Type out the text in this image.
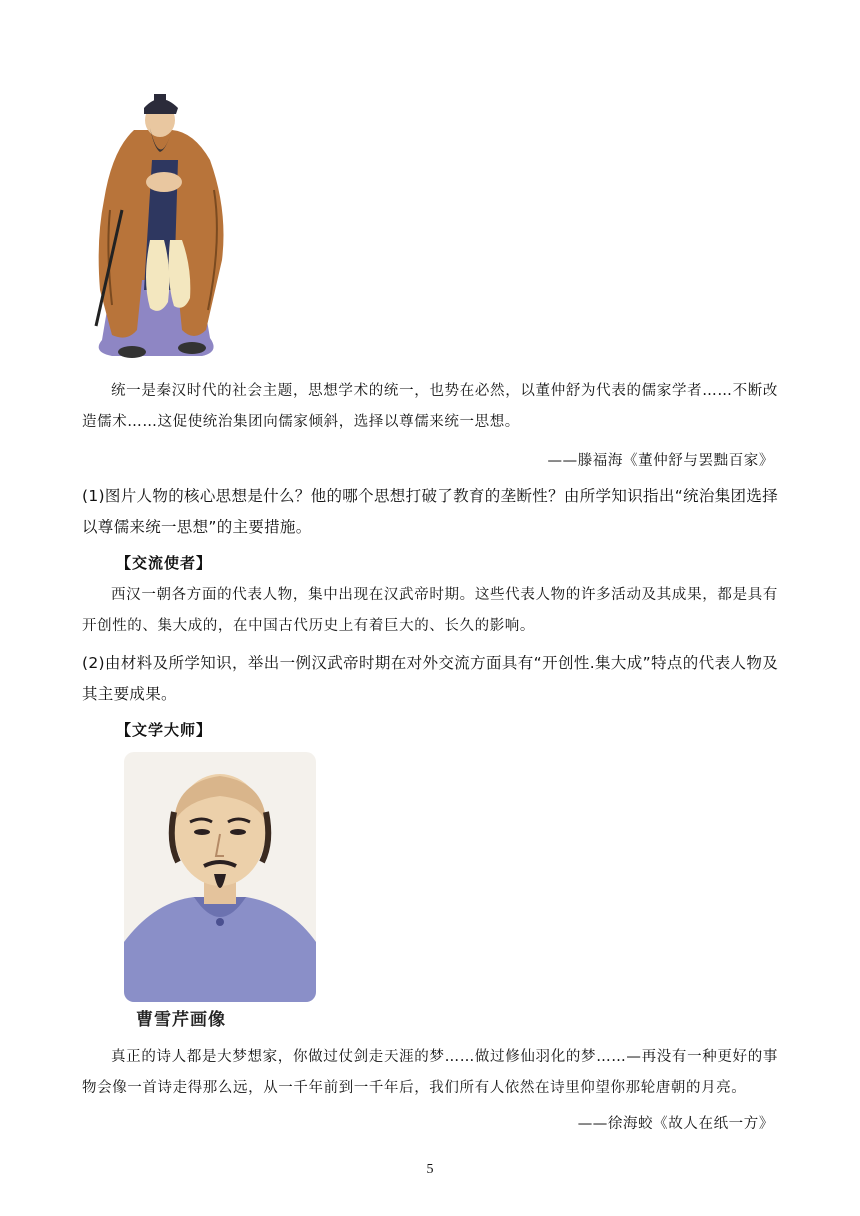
统一是秦汉时代的社会主题，思想学术的统一，也势在必然，以董仲舒为代表的儒家学者……不断改造儒术……这促使统治集团向儒家倾斜，选择以尊儒来统一思想。
——滕福海《董仲舒与罢黜百家》
(1)图片人物的核心思想是什么？他的哪个思想打破了教育的垄断性？由所学知识指出“统治集团选择以尊儒来统一思想”的主要措施。
【交流使者】
西汉一朝各方面的代表人物，集中出现在汉武帝时期。这些代表人物的许多活动及其成果，都是具有开创性的、集大成的，在中国古代历史上有着巨大的、长久的影响。
(2)由材料及所学知识，举出一例汉武帝时期在对外交流方面具有“开创性.集大成”特点的代表人物及其主要成果。
【文学大师】
曹雪芹画像
真正的诗人都是大梦想家，你做过仗剑走天涯的梦……做过修仙羽化的梦……—再没有一种更好的事物会像一首诗走得那么远，从一千年前到一千年后，我们所有人依然在诗里仰望你那轮唐朝的月亮。
——徐海蛟《故人在纸一方》
5
